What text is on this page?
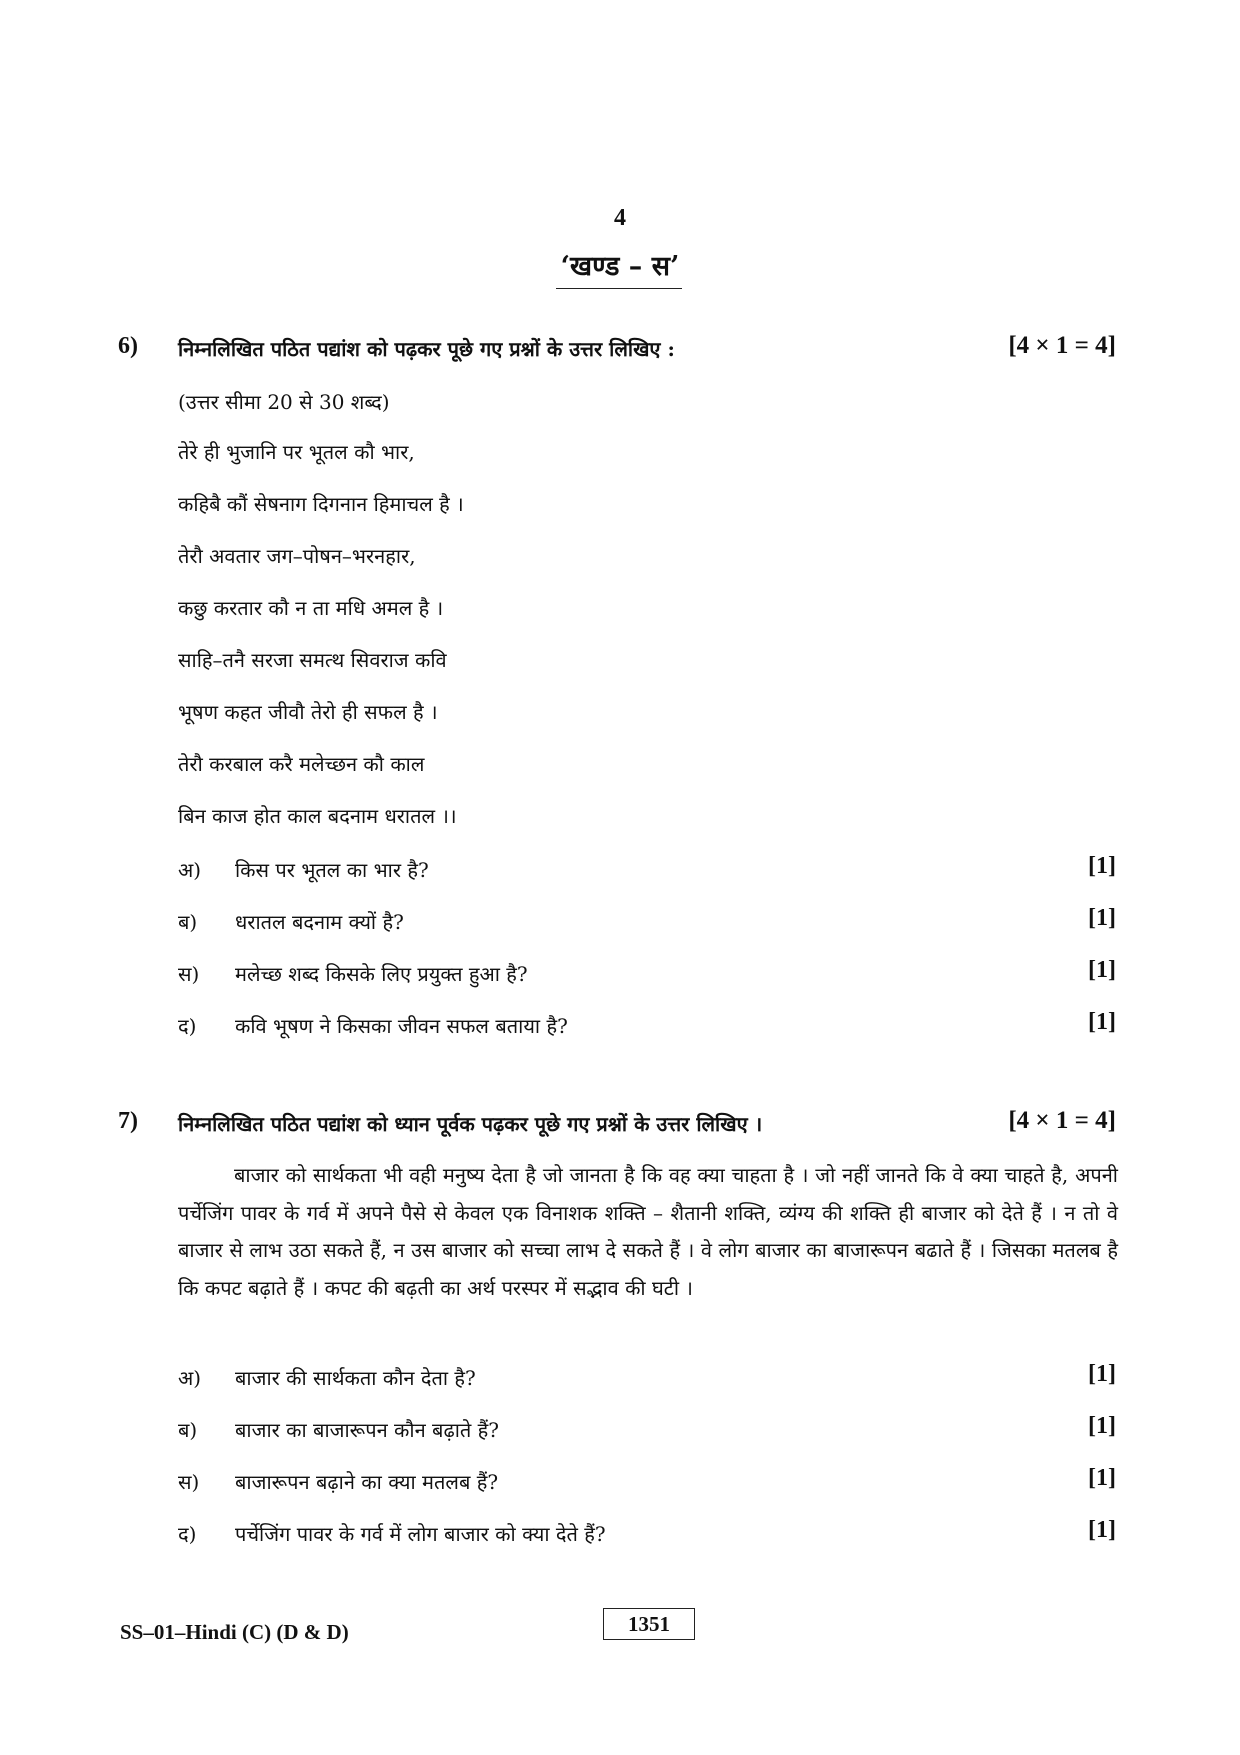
4
‘खण्ड – स’
6) निम्नलिखित पठित पद्यांश को पढ़कर पूछे गए प्रश्नों के उत्तर लिखिए :	[4 × 1 = 4]
(उत्तर सीमा 20 से 30 शब्द)
तेरे ही भुजानि पर भूतल कौ भार,
कहिबै कौं सेषनाग दिगनान हिमाचल है ।
तेरौ अवतार जग–पोषन–भरनहार,
कछु करतार कौ न ता मधि अमल है ।
साहि–तनै सरजा समत्थ सिवराज कवि
भूषण कहत जीवौ तेरो ही सफल है ।
तेरौ करबाल करै मलेच्छन कौ काल
बिन काज होत काल बदनाम धरातल ।।
अ) किस पर भूतल का भार है?	[1]
ब) धरातल बदनाम क्यों है?	[1]
स) मलेच्छ शब्द किसके लिए प्रयुक्त हुआ है?	[1]
द) कवि भूषण ने किसका जीवन सफल बताया है?	[1]
7) निम्नलिखित पठित पद्यांश को ध्यान पूर्वक पढ़कर पूछे गए प्रश्नों के उत्तर लिखिए ।	[4 × 1 = 4]
बाजार को सार्थकता भी वही मनुष्य देता है जो जानता है कि वह क्या चाहता है । जो नहीं जानते कि वे क्या चाहते है, अपनी पर्चेजिंग पावर के गर्व में अपने पैसे से केवल एक विनाशक शक्ति – शैतानी शक्ति, व्यंग्य की शक्ति ही बाजार को देते हैं । न तो वे बाजार से लाभ उठा सकते हैं, न उस बाजार को सच्चा लाभ दे सकते हैं । वे लोग बाजार का बाजारूपन बढाते हैं । जिसका मतलब है कि कपट बढ़ाते हैं । कपट की बढ़ती का अर्थ परस्पर में सद्भाव की घटी ।
अ) बाजार की सार्थकता कौन देता है?	[1]
ब) बाजार का बाजारूपन कौन बढ़ाते हैं?	[1]
स) बाजारूपन बढ़ाने का क्या मतलब हैं?	[1]
द) पर्चेजिंग पावर के गर्व में लोग बाजार को क्या देते हैं?	[1]
SS–01–Hindi (C) (D & D)	1351
